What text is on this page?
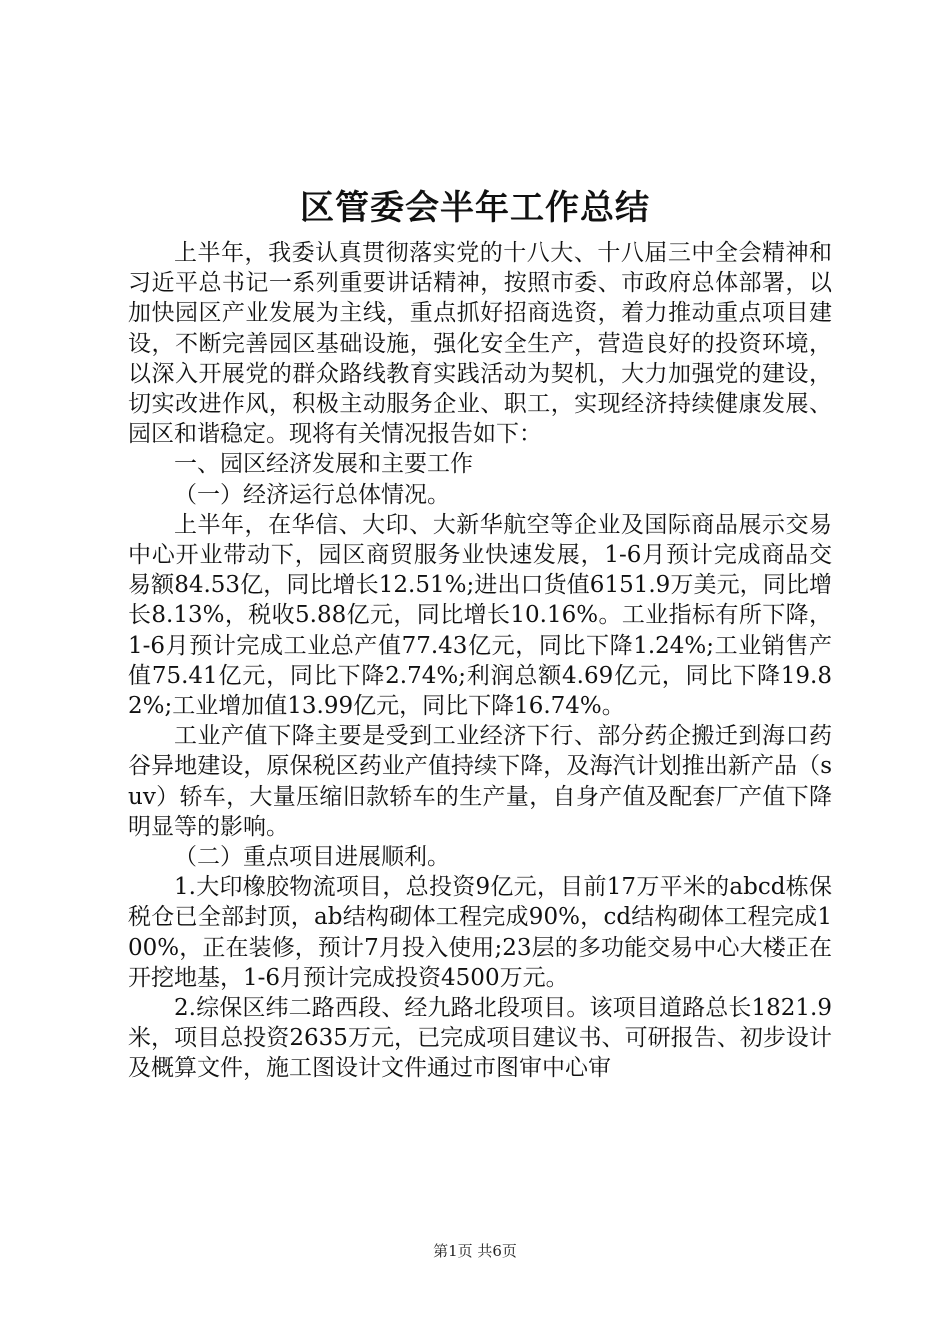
区管委会半年工作总结

上半年，我委认真贯彻落实党的十八大、十八届三中全会精神和习近平总书记一系列重要讲话精神，按照市委、市政府总体部署，以加快园区产业发展为主线，重点抓好招商选资，着力推动重点项目建设，不断完善园区基础设施，强化安全生产，营造良好的投资环境，以深入开展党的群众路线教育实践活动为契机，大力加强党的建设，切实改进作风，积极主动服务企业、职工，实现经济持续健康发展、园区和谐稳定。现将有关情况报告如下：

一、园区经济发展和主要工作

（一）经济运行总体情况。

上半年，在华信、大印、大新华航空等企业及国际商品展示交易中心开业带动下，园区商贸服务业快速发展，1-6月预计完成商品交易额84.53亿，同比增长12.51%;进出口货值6151.9万美元，同比增长8.13%，税收5.88亿元，同比增长10.16%。工业指标有所下降，1-6月预计完成工业总产值77.43亿元，同比下降1.24%;工业销售产值75.41亿元，同比下降2.74%;利润总额4.69亿元，同比下降19.82%;工业增加值13.99亿元，同比下降16.74%。

工业产值下降主要是受到工业经济下行、部分药企搬迁到海口药谷异地建设，原保税区药业产值持续下降，及海汽计划推出新产品（suv）轿车，大量压缩旧款轿车的生产量，自身产值及配套厂产值下降明显等的影响。

（二）重点项目进展顺利。

1.大印橡胶物流项目，总投资9亿元，目前17万平米的abcd栋保税仓已全部封顶，ab结构砌体工程完成90%，cd结构砌体工程完成100%，正在装修，预计7月投入使用;23层的多功能交易中心大楼正在开挖地基，1-6月预计完成投资4500万元。

2.综保区纬二路西段、经九路北段项目。该项目道路总长1821.9米，项目总投资2635万元，已完成项目建议书、可研报告、初步设计及概算文件，施工图设计文件通过市图审中心审

第1页 共6页
